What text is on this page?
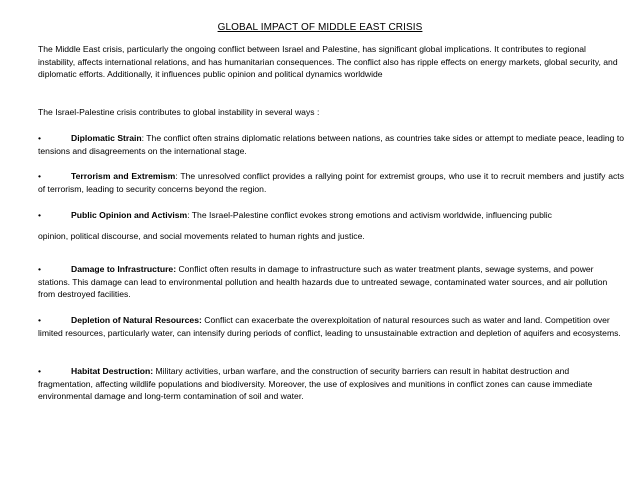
GLOBAL IMPACT OF MIDDLE EAST CRISIS

The Middle East crisis, particularly the ongoing conflict between Israel and Palestine, has significant global implications. It contributes to regional instability, affects international relations, and has humanitarian consequences. The conflict also has ripple effects on energy markets, global security, and diplomatic efforts. Additionally, it influences public opinion and political dynamics worldwide

The Israel-Palestine crisis contributes to global instability in several ways :

•	Diplomatic Strain: The conflict often strains diplomatic relations between nations, as countries take sides or attempt to mediate peace, leading to tensions and disagreements on the international stage.

•	Terrorism and Extremism: The unresolved conflict provides a rallying point for extremist groups, who use it to recruit members and justify acts of terrorism, leading to security concerns beyond the region.

•	Public Opinion and Activism: The Israel-Palestine conflict evokes strong emotions and activism worldwide, influencing public

opinion, political discourse, and social movements related to human rights and justice.

•	Damage to Infrastructure: Conflict often results in damage to infrastructure such as water treatment plants, sewage systems, and power stations. This damage can lead to environmental pollution and health hazards due to untreated sewage, contaminated water sources, and air pollution from destroyed facilities.

•	Depletion of Natural Resources: Conflict can exacerbate the overexploitation of natural resources such as water and land. Competition over limited resources, particularly water, can intensify during periods of conflict, leading to unsustainable extraction and depletion of aquifers and ecosystems.

•	Habitat Destruction: Military activities, urban warfare, and the construction of security barriers can result in habitat destruction and fragmentation, affecting wildlife populations and biodiversity. Moreover, the use of explosives and munitions in conflict zones can cause immediate environmental damage and long-term contamination of soil and water.
